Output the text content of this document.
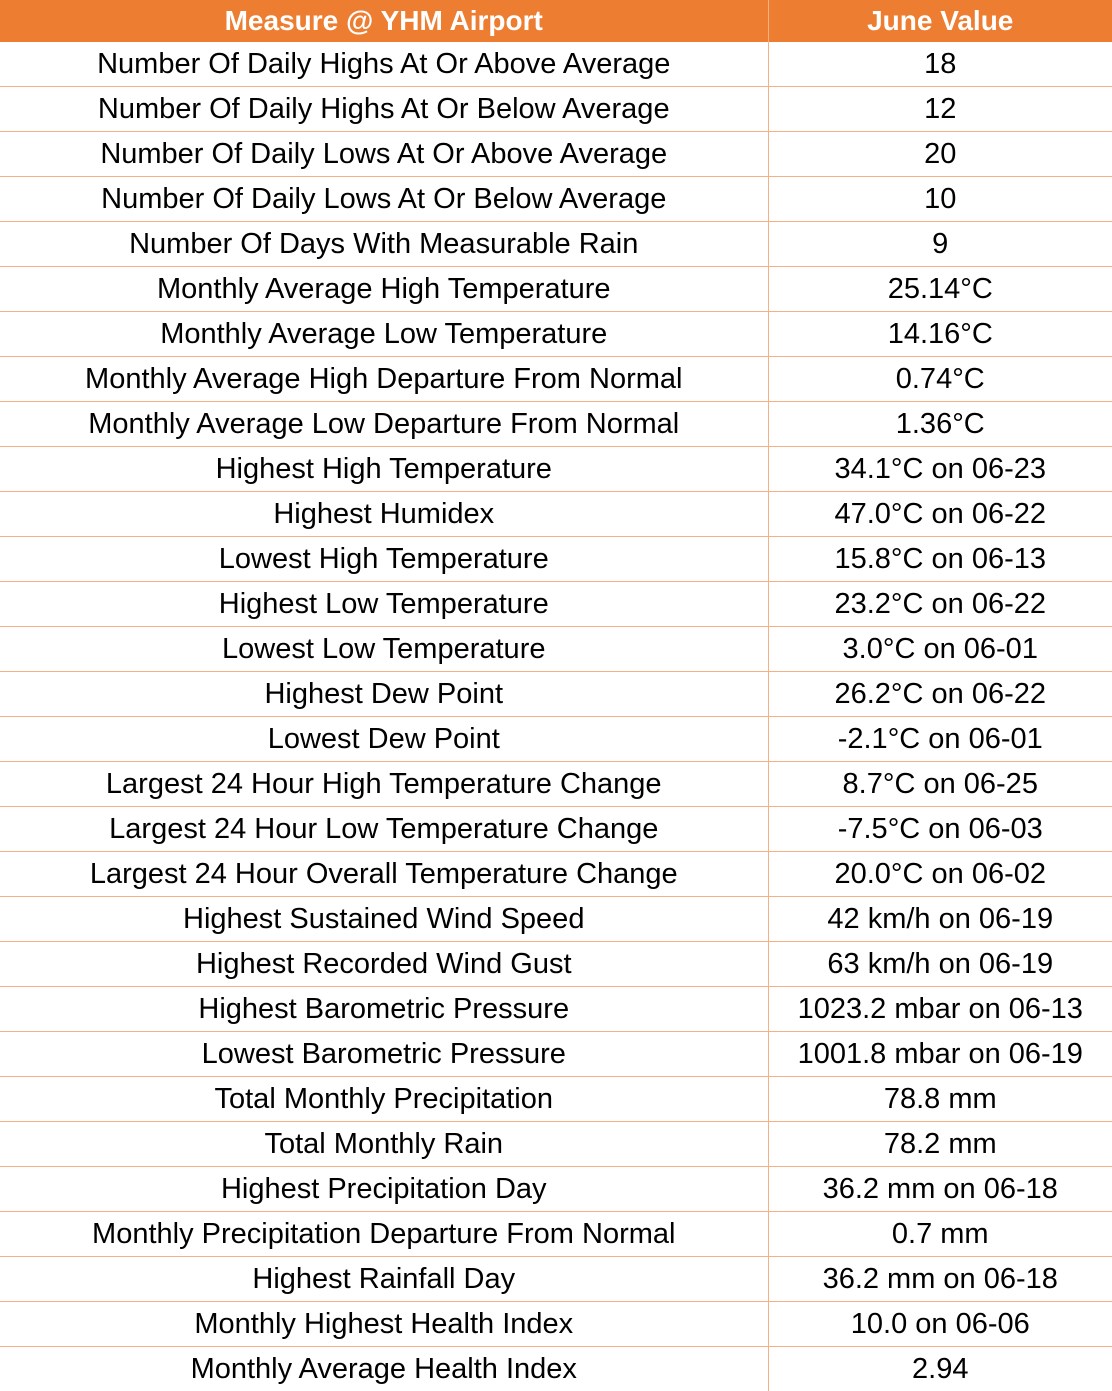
Measure @ YHM Airport	June Value
Number Of Daily Highs At Or Above Average	18
Number Of Daily Highs At Or Below Average	12
Number Of Daily Lows At Or Above Average	20
Number Of Daily Lows At Or Below Average	10
Number Of Days With Measurable Rain	9
Monthly Average High Temperature	25.14°C
Monthly Average Low Temperature	14.16°C
Monthly Average High Departure From Normal	0.74°C
Monthly Average Low Departure From Normal	1.36°C
Highest High Temperature	34.1°C on 06-23
Highest Humidex	47.0°C on 06-22
Lowest High Temperature	15.8°C on 06-13
Highest Low Temperature	23.2°C on 06-22
Lowest Low Temperature	3.0°C on 06-01
Highest Dew Point	26.2°C on 06-22
Lowest Dew Point	-2.1°C on 06-01
Largest 24 Hour High Temperature Change	8.7°C on 06-25
Largest 24 Hour Low Temperature Change	-7.5°C on 06-03
Largest 24 Hour Overall Temperature Change	20.0°C on 06-02
Highest Sustained Wind Speed	42 km/h on 06-19
Highest Recorded Wind Gust	63 km/h on 06-19
Highest Barometric Pressure	1023.2 mbar on 06-13
Lowest Barometric Pressure	1001.8 mbar on 06-19
Total Monthly Precipitation	78.8 mm
Total Monthly Rain	78.2 mm
Highest Precipitation Day	36.2 mm on 06-18
Monthly Precipitation Departure From Normal	0.7 mm
Highest Rainfall Day	36.2 mm on 06-18
Monthly Highest Health Index	10.0 on 06-06
Monthly Average Health Index	2.94
